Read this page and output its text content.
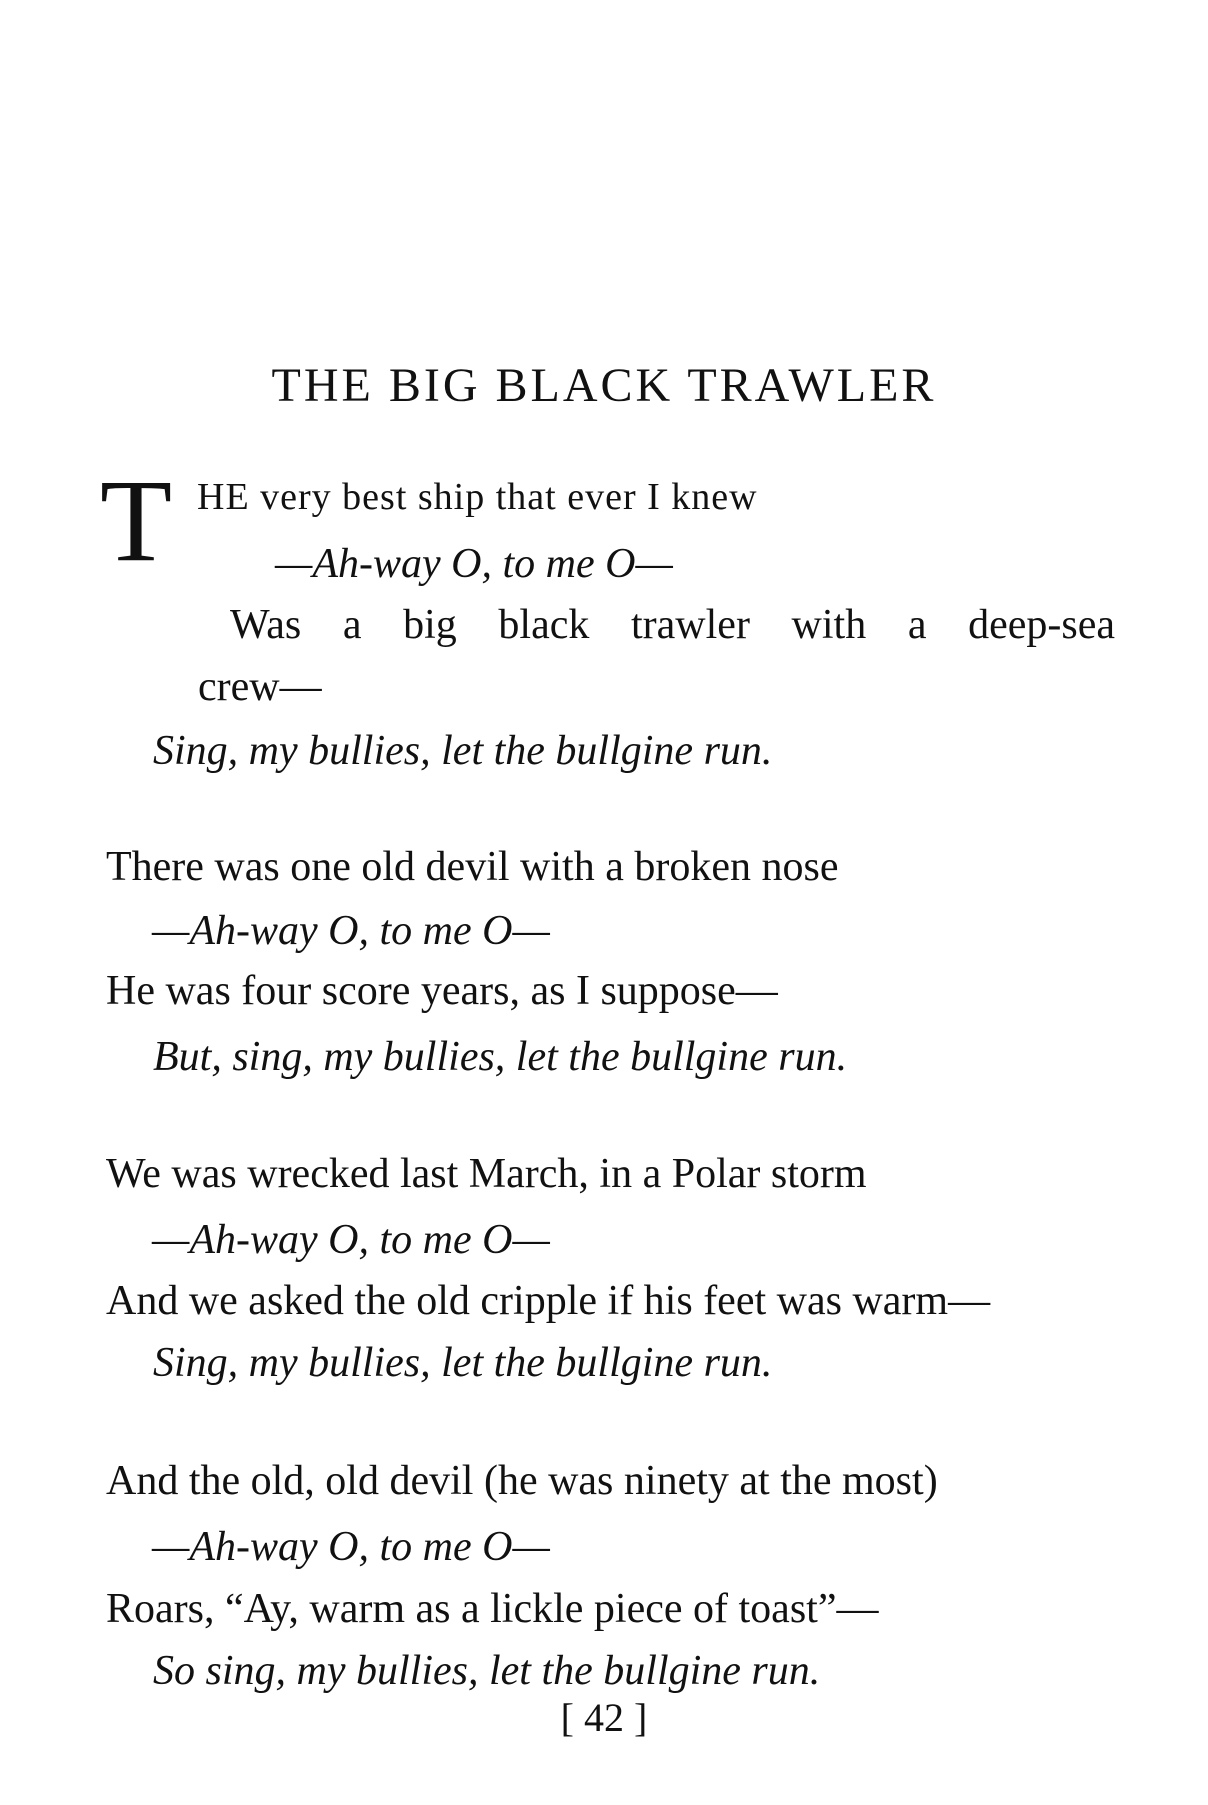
THE BIG BLACK TRAWLER
T HE very best ship that ever I knew
—Ah-way O, to me O—
Was a big black trawler with a deep-sea
crew—
Sing, my bullies, let the bullgine run.
There was one old devil with a broken nose
—Ah-way O, to me O—
He was four score years, as I suppose—
But, sing, my bullies, let the bullgine run.
We was wrecked last March, in a Polar storm
—Ah-way O, to me O—
And we asked the old cripple if his feet was warm—
Sing, my bullies, let the bullgine run.
And the old, old devil (he was ninety at the most)
—Ah-way O, to me O—
Roars, “Ay, warm as a lickle piece of toast”—
So sing, my bullies, let the bullgine run.
[ 42 ]
